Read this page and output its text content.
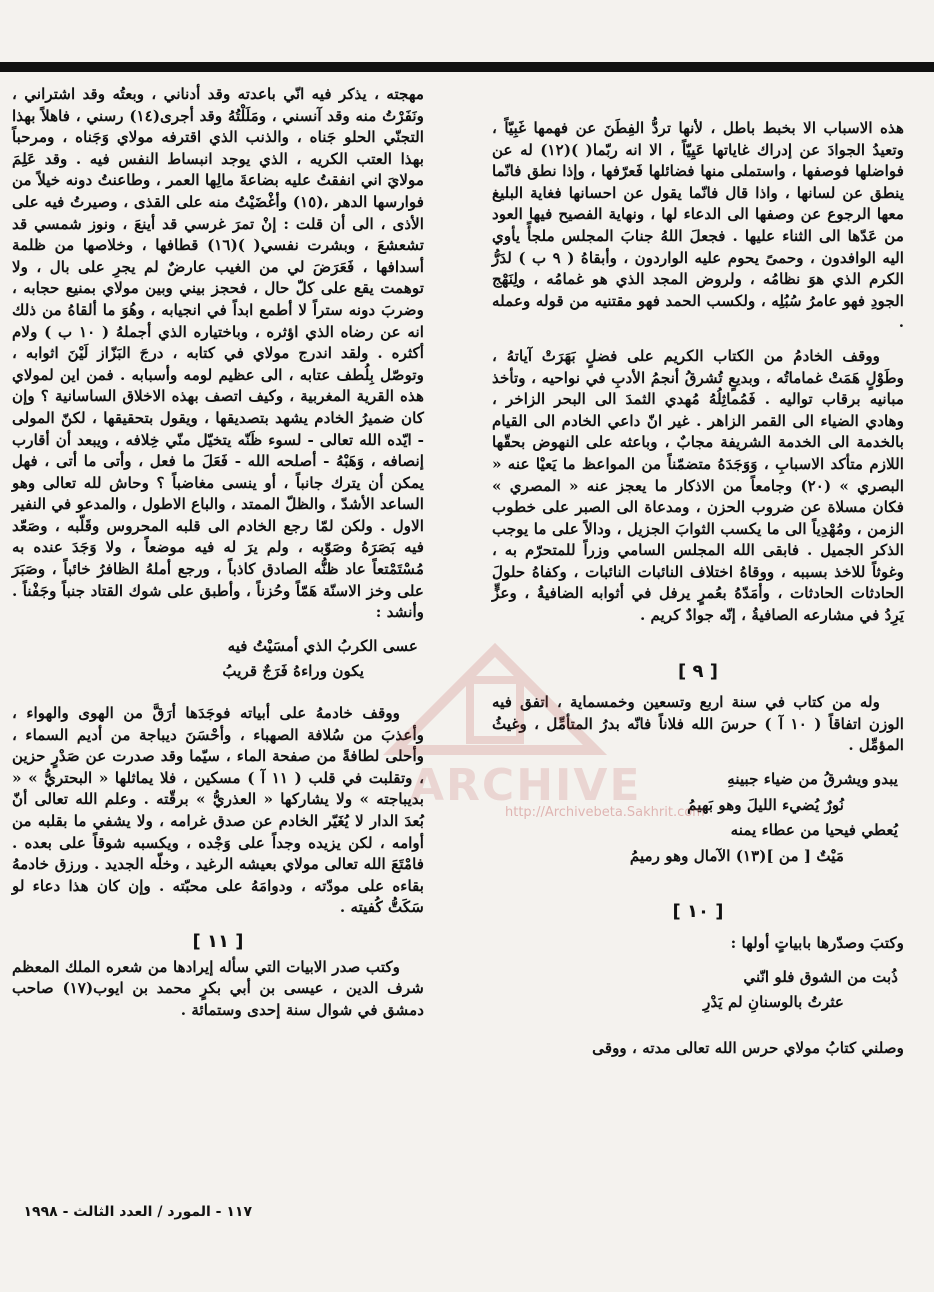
هذه الاسباب الا بخبط باطل ، لأنها تردُّ الفِطَنَ عن فهمها غَبِيّاً ، وتعيدُ الجوادَ عن إدراك غاياتها عَيِيّاً ، الا انه ربّما( )(١٢) له عن فواضلها فوصفها ، واستملى منها فضائلها فَعرّفها ، وإذا نطق فانّما ينطق عن لسانها ، واذا قال فانّما يقول عن احسانها فغاية البليغ معها الرجوع عن وصفها الى الدعاء لها ، ونهاية الفصيح فيها العود من عَدّها الى الثناء عليها . فجعلَ اللهُ جنابَ المجلس ملجأً يأوي اليه الوافدون ، وحمىً يحوم عليه الواردون ، وأبقاهُ ( ٩ ب ) لدَرُّ الكرم الذي هوَ نظامُه ، ولروض المجد الذي هو غمامُه ، ولِنَهْج الجودِ فهو عامرُ سُبُلِه ، ولكسب الحمد فهو مقتنيه من قوله وعمله .

ووقف الخادمُ من الكتاب الكريم على فضلٍ بَهَرَتْ آياتهُ ، وطَوْلٍ هَمَتْ غماماتُه ، وبديعٍ تُشرقُ أنجمُ الأدبِ في نواحيه ، وتأخذ مبانيه برقاب تواليه . فَمُماثِلُهُ مُهدي الثمدَ الى البحر الزاخر ، وهادي الضياء الى القمر الزاهر . غير انّ داعي الخادم الى القيام بالخدمة الى الخدمة الشريفة مجابٌ ، وباعثه على النهوض بحقّها اللازم متأكد الاسبابِ ، وَوَجَدَهُ متضمّناً من المواعظ ما يَعيْا عنه « البصري » (٢٠) وجامعاً من الاذكار ما يعجز عنه « المصري » فكان مسلاة عن ضروب الحزن ، ومدعاة الى الصبر على خطوب الزمن ، ومُهْدِياً الى ما يكسب الثوابَ الجزيل ، ودالاً على ما يوجب الذكر الجميل . فابقى الله المجلس السامي وزراً للمتحرّم به ، وغوثاً للاخذ بسببه ، ووقاهُ اختلاف النائبات النائبات ، وكفاهُ حلولَ الحادثات الحادثات ، وأمَدّهُ بعُمرٍ يرفل في أثوابه الضافيةُ ، وعزٍّ يَرِدُ في مشارعه الصافيةُ ، إنّه جوادٌ كريم .

[ ٩ ]

وله من كتاب في سنة اربع وتسعين وخمسماية ، اتفق فيه الوزن اتفاقاً ( ١٠ آ ) حرسَ الله فلاناً فانّه بدرُ المتأمِّل ، وغيثُ المؤمِّل .

يبدو ويشرقُ من ضياء جبينهِ
نُورٌ يُضيء الليلَ وهو بَهيمُ
يُعطي فيحيا من عطاء يمنه
مَيْتٌ [ من ](١٣) الآمال وهو رميمُ
[ ١٠ ]

وكتبَ وصدّرها بابياتٍ أولها :

ذُبت من الشوق فلو انّني
عثرتُ بالوسنانِ لم يَدْرِ

وصلني كتابُ مولاي حرس الله تعالى مدته ، ووقى

مهجته ، يذكر فيه انّي باعدته وقد أدناني ، وبعتُه وقد اشتراني ، ونَفَرْتُ منه وقد آنسني ، ومَلَلْتُهُ وقد أجرى(١٤) رسني ، فاهلاً بهذا التجنّي الحلو جَناه ، والذنب الذي اقترفه مولاي وَجَناه ، ومرحباً بهذا العتب الكريه ، الذي يوجد انبساط النفس فيه . وقد عَلِمَ مولايَ اني انفقتُ عليه بضاعةَ مالِها العمر ، وطاعنتُ دونه خيلاً من فوارسها الدهر ،(١٥) وأغْضَيْتُ منه على القذى ، وصيرتُ فيه على الأذى ، الى أن قلت : إنْ تمرَ غرسي قد أينعَ ، ونوز شمسي قد تشعشعَ ، وبشرت نفسي( )(١٦) قطافها ، وخلاصها من ظلمة أسدافها ، فَعَرَضَ لي من الغيب عارضٌ لم يجرِ على بال ، ولا توهمت يقع على كلّ حال ، فحجز بيني وبين مولاي بمنيع حجابه ، وضربَ دونه ستراً لا أطمع ابداً في انجيابه ، وهُوَ ما ألقاهُ من ذلك انه عن رضاه الذي اؤثره ، وباختياره الذي أجملهُ ( ١٠ ب ) ولام أكثره . ولقد اندرج مولاي في كتابه ، درجَ البَزّاز لَيْنَ اثوابه ، وتوصّل بِلُطف عتابه ، الى عظيم لومه وأسبابه . فمن اين لمولاي هذه القرية المغربية ، وكيف اتصف بهذه الاخلاق الساسانية ؟ وإن كان ضميرُ الخادم يشهد بتصديقها ، ويقول بتحقيقها ، لكنّ المولى - ايّده الله تعالى - لسوء ظَنّه يتخيّل منّي خِلافه ، ويبعد أن أقارب إنصافه ، وَهَبْهُ - أصلحه الله - فَعَلَ ما فعل ، وأتى ما أتى ، فهل يمكن أن يترك جانباً ، أو ينسى مغاضباً ؟ وحاش لله تعالى وهو الساعد الأشدّ ، والظلّ الممتد ، والباع الاطول ، والمدعو في النفير الاول . ولكن لمّا رجع الخادم الى قلبه المحروس وقَلّبه ، وصَعّد فيه بَصَرَهُ وصَوّبه ، ولم يرَ له فيه موضعاً ، ولا وَجَدَ عنده به مُسْتَمْتعاً عاد ظنُّه الصادق كاذباً ، ورجع أملهُ الظافرُ خائباً ، وصَبَرَ على وخز الاسنّة هَمّاً وحُزناً ، وأطبق على شوك القتاد جنباً وجَفْناً . وأنشد :

عسى الكربُ الذي أمسَيْتُ فيه
يكون وراءهُ فَرَجٌ قريبُ

ووقف خادمهُ على أبياته فوجَدَها أرَقَّ من الهوى والهواء ، وأعذبَ من سُلافة الصهباء ، وأحْسَنَ ديباجة من أديم السماء ، وأحلى لطافةً من صفحة الماء ، سيّما وقد صدرت عن صَدْرٍ حزين ، وتقلبت في قلب ( ١١ آ ) مسكين ، فلا يماثلها « البحتريُّ » « بديباجته » ولا يشاركها « العذريُّ » برقّته . وعلم الله تعالى أنّ بُعدَ الدار لا يُغَيّر الخادم عن صدق غرامه ، ولا يشفي ما بقلبه من أوامه ، لكن يزيده وجداً على وَجْده ، ويكسبه شوقاً على بعده . فامْتَعَ الله تعالى مولاي بعيشه الرغيد ، وخلّه الجديد . ورزق خادمهُ بقاءه على مودّته ، ودوامَهُ على محبّته . وإن كان هذا دعاء لو سَكَتُّ كُفيته .

[ ١١ ]

وكتب صدر الابيات التي سأله إيرادها من شعره الملك المعظم شرف الدين ، عيسى بن أبي بكرٍ محمد بن ايوب(١٧) صاحب دمشق في شوال سنة إحدى وستمائة .

١١٧ - المورد / العدد الثالث - ١٩٩٨
ARCHIVE
http://Archivebeta.Sakhrit.com
